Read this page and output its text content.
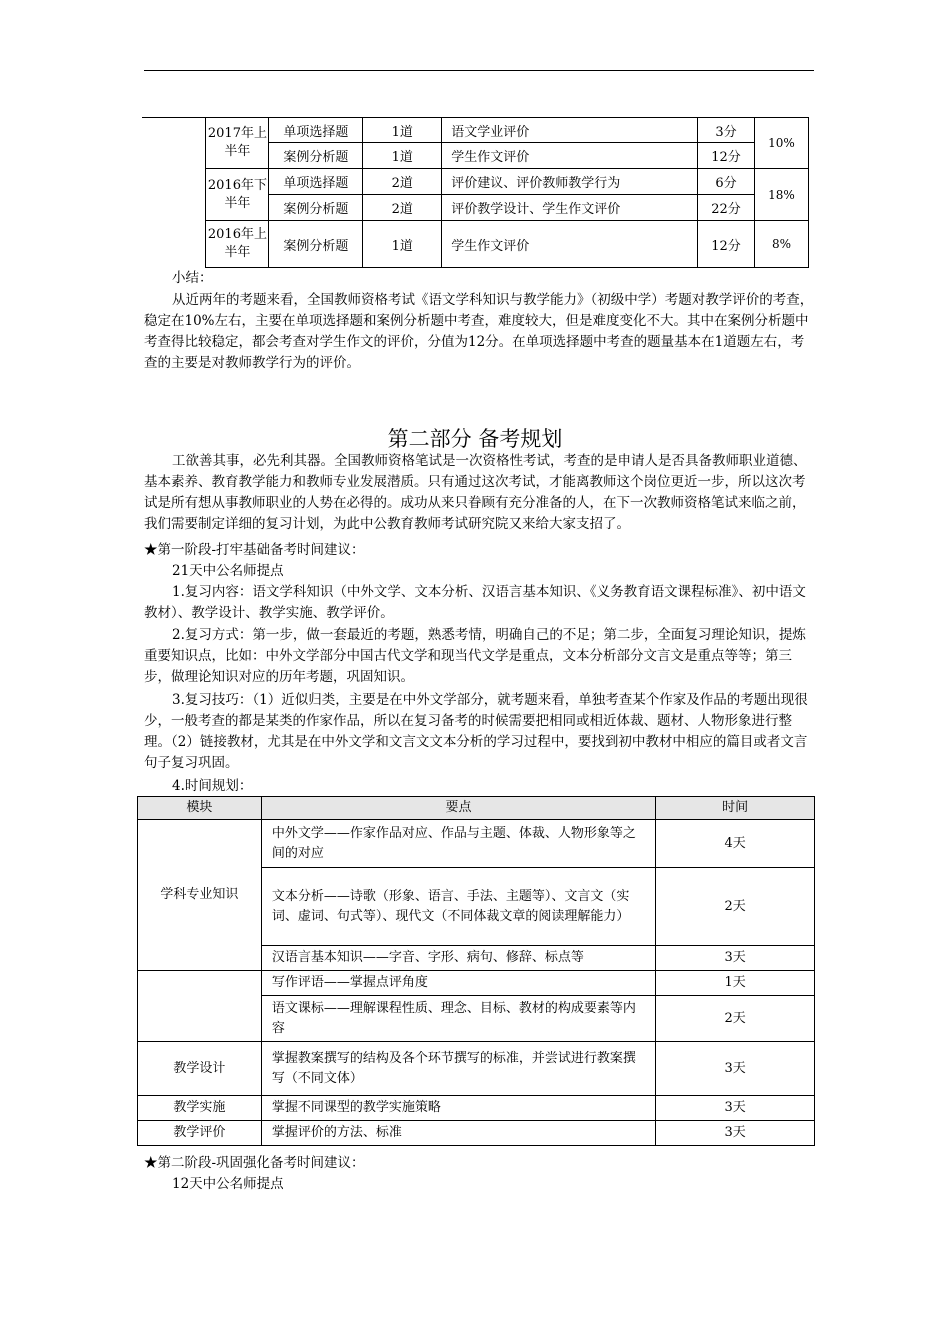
	2017年上半年	单项选择题	1道	语文学业评价	3分	10%
		案例分析题	1道	学生作文评价	12分	
	2016年下半年	单项选择题	2道	评价建议、评价教师教学行为	6分	18%
		案例分析题	2道	评价教学设计、学生作文评价	22分	
	2016年上半年	案例分析题	1道	学生作文评价	12分	8%

小结：

从近两年的考题来看，全国教师资格考试《语文学科知识与教学能力》（初级中学）考题对教学评价的考查，稳定在10%左右，主要在单项选择题和案例分析题中考查，难度较大，但是难度变化不大。其中在案例分析题中考查得比较稳定，都会考查对学生作文的评价，分值为12分。在单项选择题中考查的题量基本在1道题左右，考查的主要是对教师教学行为的评价。

第二部分 备考规划

工欲善其事，必先利其器。全国教师资格笔试是一次资格性考试，考查的是申请人是否具备教师职业道德、基本素养、教育教学能力和教师专业发展潜质。只有通过这次考试，才能离教师这个岗位更近一步，所以这次考试是所有想从事教师职业的人势在必得的。成功从来只眷顾有充分准备的人，在下一次教师资格笔试来临之前，我们需要制定详细的复习计划，为此中公教育教师考试研究院又来给大家支招了。

★第一阶段-打牢基础备考时间建议：

21天中公名师提点

1.复习内容：语文学科知识（中外文学、文本分析、汉语言基本知识、《义务教育语文课程标准》、初中语文教材）、教学设计、教学实施、教学评价。

2.复习方式：第一步，做一套最近的考题，熟悉考情，明确自己的不足；第二步，全面复习理论知识，提炼重要知识点，比如：中外文学部分中国古代文学和现当代文学是重点，文本分析部分文言文是重点等等；第三步，做理论知识对应的历年考题，巩固知识。

3.复习技巧：（1）近似归类，主要是在中外文学部分，就考题来看，单独考查某个作家及作品的考题出现很少，一般考查的都是某类的作家作品，所以在复习备考的时候需要把相同或相近体裁、题材、人物形象进行整理。（2）链接教材，尤其是在中外文学和文言文文本分析的学习过程中，要找到初中教材中相应的篇目或者文言句子复习巩固。

4.时间规划：

模块	要点	时间
学科专业知识	中外文学——作家作品对应、作品与主题、体裁、人物形象等之间的对应	4天
	文本分析——诗歌（形象、语言、手法、主题等）、文言文（实词、虚词、句式等）、现代文（不同体裁文章的阅读理解能力）	2天
	汉语言基本知识——字音、字形、病句、修辞、标点等	3天
	写作评语——掌握点评角度	1天
	语文课标——理解课程性质、理念、目标、教材的构成要素等内容	2天
教学设计	掌握教案撰写的结构及各个环节撰写的标准，并尝试进行教案撰写（不同文体）	3天
教学实施	掌握不同课型的教学实施策略	3天
教学评价	掌握评价的方法、标准	3天

★第二阶段-巩固强化备考时间建议：

12天中公名师提点
